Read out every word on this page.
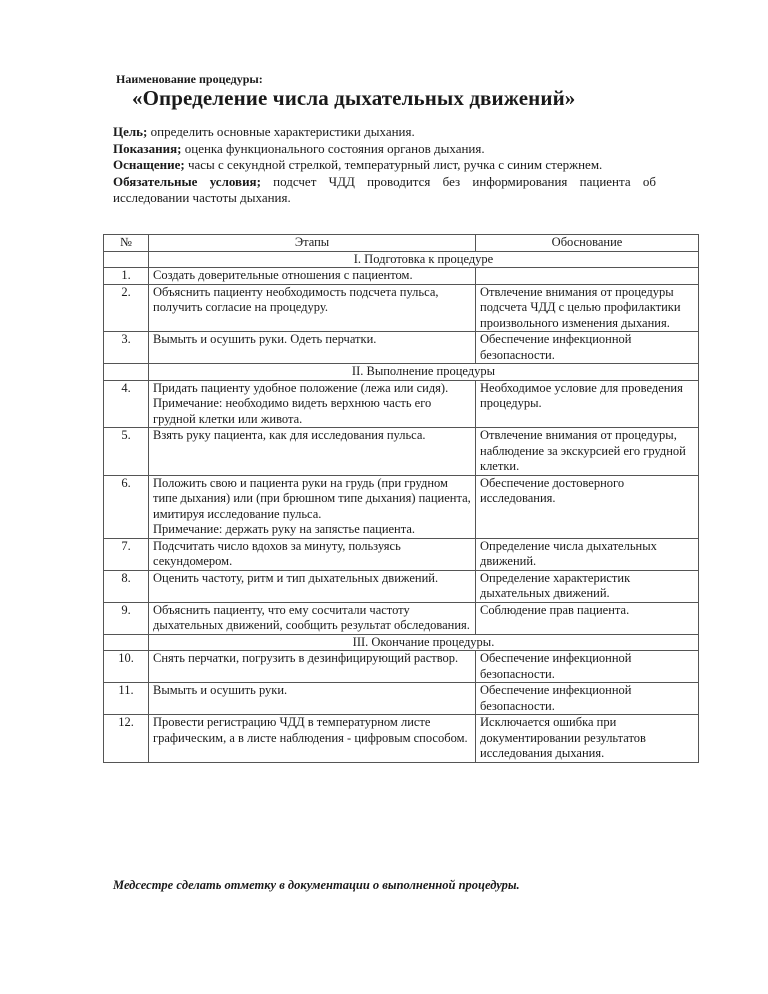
Наименование процедуры:
«Определение числа дыхательных движений»

Цель; определить основные характеристики дыхания.

Показания; оценка функционального состояния органов дыхания.

Оснащение; часы с секундной стрелкой, температурный лист, ручка с синим стержнем.

Обязательные условия; подсчет ЧДД проводится без информирования пациента об исследовании частоты дыхания.

№	Этапы	Обоснование
	I. Подготовка к процедуре	
1.	Создать доверительные отношения с пациентом.	
2.	Объяснить пациенту необходимость подсчета пульса, получить согласие на процедуру.	Отвлечение внимания от процедуры подсчета ЧДД с целью профилактики произвольного изменения дыхания.
3.	Вымыть и осушить руки. Одеть перчатки.	Обеспечение инфекционной безопасности.
	II. Выполнение процедуры	
4.	Придать пациенту удобное положение (лежа или сидя).
Примечание: необходимо видеть верхнюю часть его грудной клетки или живота.	Необходимое условие для проведения процедуры.
5.	Взять руку пациента, как для исследования пульса.	Отвлечение внимания от процедуры, наблюдение за экскурсией его грудной клетки.
6.	Положить свою и пациента руки на грудь (при грудном типе дыхания) или (при брюшном типе дыхания) пациента, имитируя исследование пульса.
Примечание: держать руку на запястье пациента.	Обеспечение достоверного исследования.
7.	Подсчитать число вдохов за минуту, пользуясь секундомером.	Определение числа дыхательных движений.
8.	Оценить частоту, ритм и тип дыхательных движений.	Определение характеристик дыхательных движений.
9.	Объяснить пациенту, что ему сосчитали частоту дыхательных движений, сообщить результат обследования.	Соблюдение прав пациента.
	III. Окончание процедуры.	
10.	Снять перчатки, погрузить в дезинфицирующий раствор.	Обеспечение инфекционной безопасности.
11.	Вымыть и осушить руки.	Обеспечение инфекционной безопасности.
12.	Провести регистрацию ЧДД в температурном листе графическим, а в листе наблюдения - цифровым способом.	Исключается ошибка при документировании результатов исследования дыхания.
Медсестре сделать отметку в документации о выполненной процедуры.
